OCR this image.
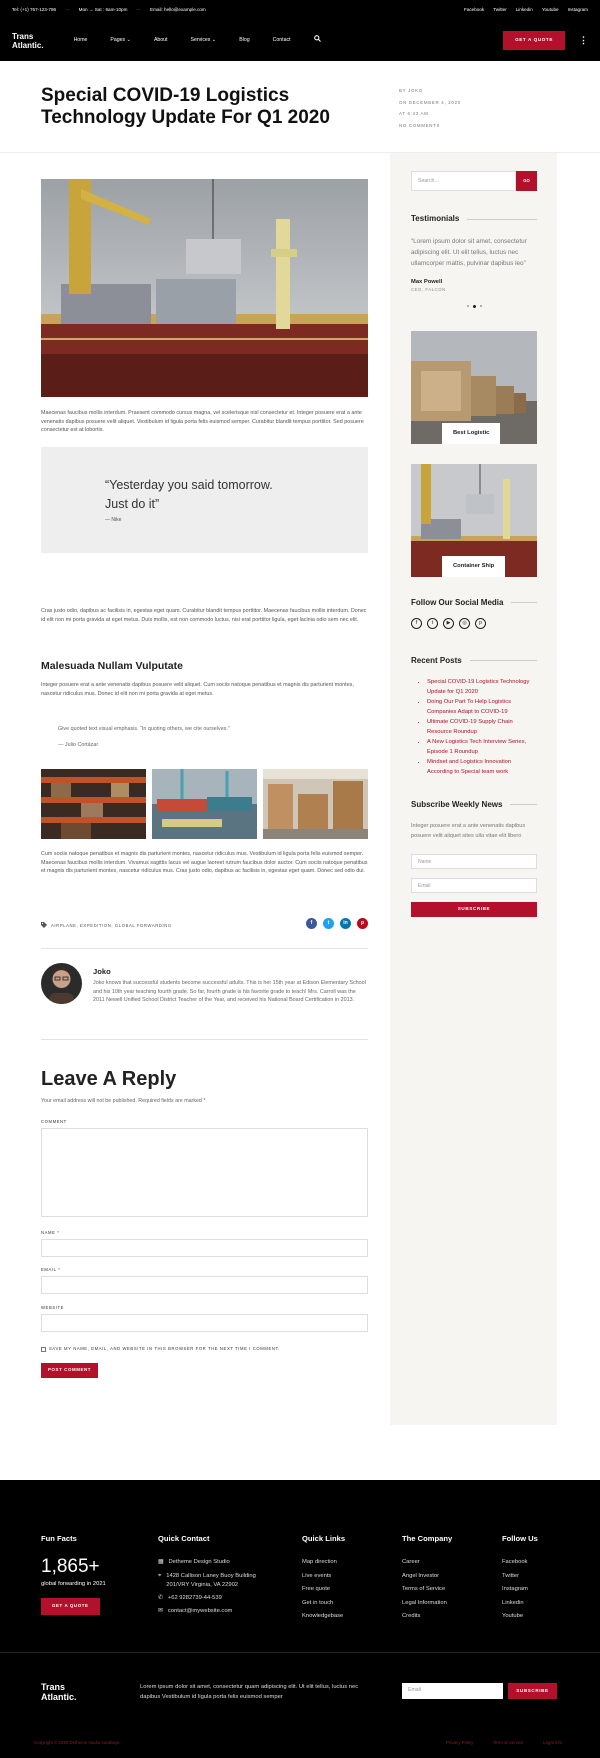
Tel: (+1) 767-123-786 — Mon → Sat : 6am-10pm — Email: hello@example.com	Facebook Twitter Linkedin Youtube Instagram
Trans
Atlantic.
Home	Pages ⌄	About	Services ⌄	Blog	Contact	GET A QUOTE	⋮
Special COVID-19 Logistics Technology Update For Q1 2020
BY JOKO
ON DECEMBER 4, 2020
AT 6:43 AM
NO COMMENTS

Maecenas faucibus mollis interdum. Praesent commodo cursus magna, vel scelerisque nisl consectetur et. Integer posuere erat a ante venenatis dapibus posuere velit aliquet. Vestibulum id ligula porta felis euismod semper. Curabitur blandit tempus porttitor. Sed posuere consectetur est at lobortis.

“Yesterday you said tomorrow.
Just do it”
— Nike

Cras justo odio, dapibus ac facilisis in, egestas eget quam. Curabitur blandit tempus porttitor. Maecenas faucibus mollis interdum. Donec id elit non mi porta gravida at eget metus. Duis mollis, est non commodo luctus, nisi erat porttitor ligula, eget lacinia odio sem nec elit.

Malesuada Nullam Vulputate

Integer posuere erat a ante venenatis dapibus posuere velit aliquet. Cum sociis natoque penatibus et magnis dis parturient montes, nascetur ridiculus mus. Donec id elit non mi porta gravida at eget metus.

Give quoted text visual emphasis. “In quoting others, we cite ourselves.”
— Julio Cortázar

Cum sociis natoque penatibus et magnis dis parturient montes, nascetur ridiculus mus. Vestibulum id ligula porta felis euismod semper. Maecenas faucibus mollis interdum. Vivamus sagittis lacus vel augue laoreet rutrum faucibus dolor auctor. Cum sociis natoque penatibus et magnis dis parturient montes, nascetur ridiculus mus. Cras justo odio, dapibus ac facilisis in, egestas eget quam. Donec sed odio dui.

AIRPLANE, EXPEDITION, GLOBAL FORWARDING	f	t	in	p
Joko

Joko knows that successful students become successful adults. This is her 15th year at Edison Elementary School and his 10th year teaching fourth grade. So far, fourth grade is his favorite grade to teach! Mrs. Carroll was the 2011 Newell Unified School District Teacher of the Year, and received his National Board Certification in 2013.

Leave A Reply
Your email address will not be published. Required fields are marked *
COMMENT
NAME *
EMAIL *
WEBSITE
SAVE MY NAME, EMAIL, AND WEBSITE IN THIS BROWSER FOR THE NEXT TIME I COMMENT.
POST COMMENT
Search...	GO
Testimonials

“Lorem ipsum dolor sit amet, consectetur adipiscing elit. Ut elit tellus, luctus nec ullamcorper mattis, pulvinar dapibus leo”

Max Powell
CEO, FALCON
Best Logistic
Container Ship
Follow Our Social Media
f	t	▶	◎	p
Recent Posts
• Special COVID-19 Logistics Technology Update for Q1 2020
• Doing Our Part To Help Logistics Companies Adapt to COVID-19
• Ultimate COVID-19 Supply Chain Resource Roundup
• A New Logistics Tech Interview Series, Episode 1 Roundup
• Mindset and Logistics Innovation According to Special team work
Subscribe Weekly News

Integer posuere erat a ante venenatis dapibus posuere velit aliquet sites ulla vitae elit libero

Name
Email
SUBSCRIBE
Fun Facts
1,865+
global forwarding in 2021
GET A QUOTE
Quick Contact
▦ Dethemе Design Studio
⌖ 1428 Callison Laney Buoy Building
201/VRY Virginia, VA 22902
✆ +62 9282739-44-539
✉ contact@mywebsite.com
Quick Links
Map direction
Live events
Free quote
Get in touch
Knowledgebase
The Company
Career
Angel Investor
Terms of Service
Legal Information
Credits
Follow Us
Facebook
Twitter
Instagram
Linkedin
Youtube
Trans
Atlantic.

Lorem ipsum dolor sit amet, consectetur quam adipiscing elit. Ut elit tellus, luctus nec dapibus Vestibulum id ligula porta felis euismod semper

Email	SUBSCRIBE
Copyright © 2020 Detheme studio surabaya	Privacy Policy	Term of Service	Legal info
